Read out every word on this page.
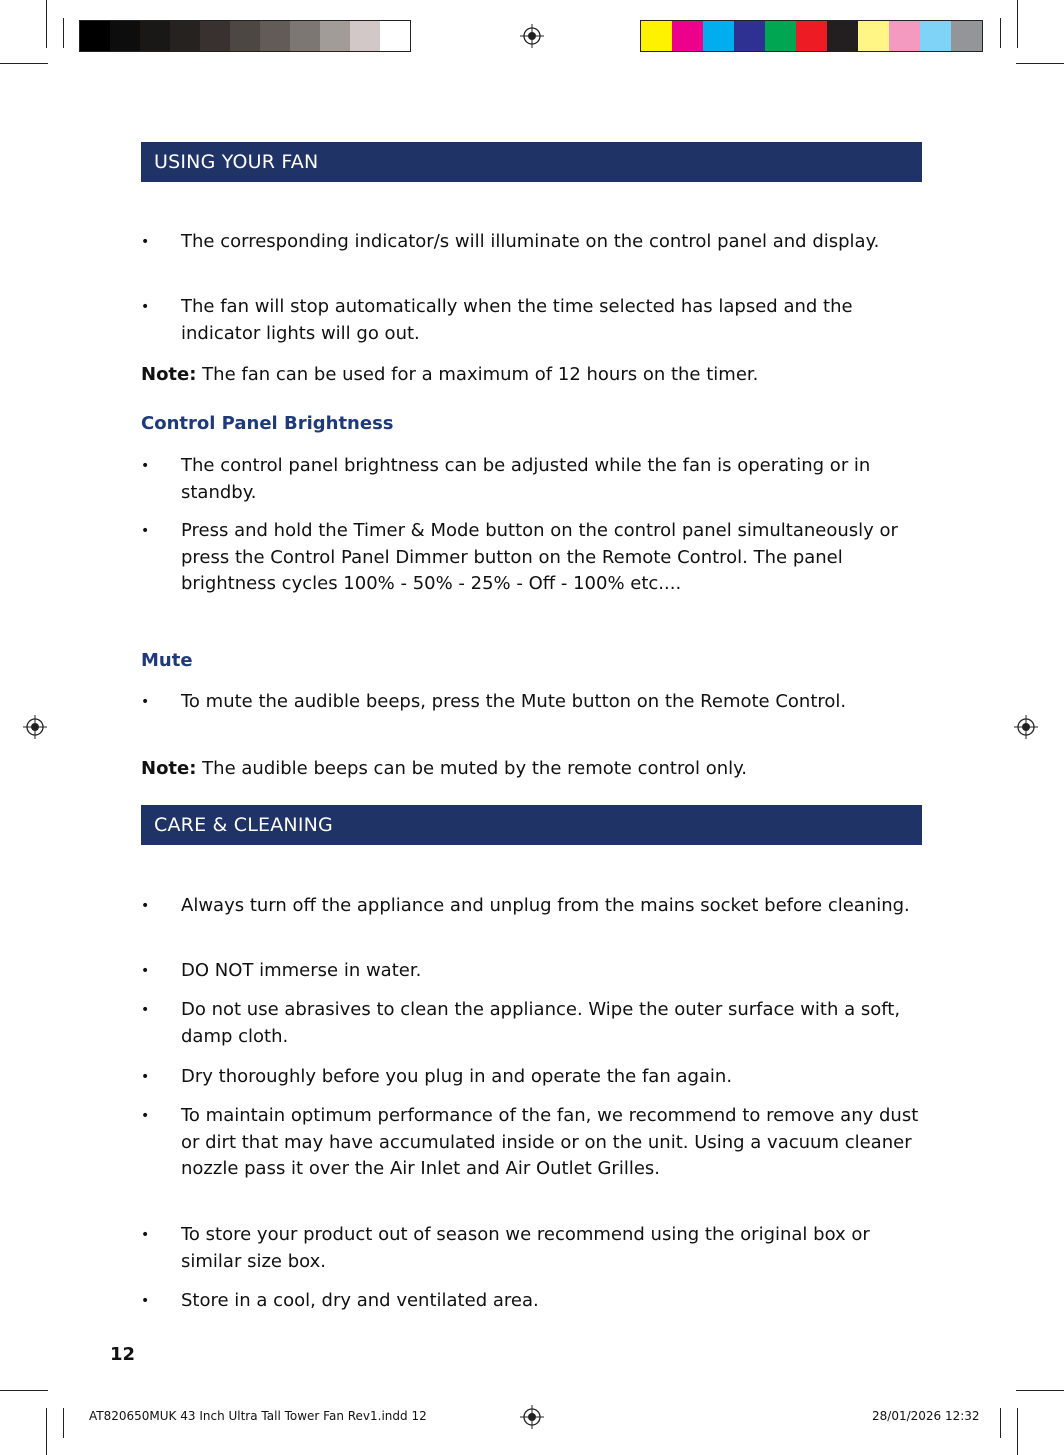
USING YOUR FAN
• The corresponding indicator/s will illuminate on the control panel and display.
• The fan will stop automatically when the time selected has lapsed and the indicator lights will go out.
Note: The fan can be used for a maximum of 12 hours on the timer.
Control Panel Brightness
• The control panel brightness can be adjusted while the fan is operating or in standby.
• Press and hold the Timer & Mode button on the control panel simultaneously or press the Control Panel Dimmer button on the Remote Control. The panel brightness cycles 100% - 50% - 25% - Off - 100% etc....
Mute
• To mute the audible beeps, press the Mute button on the Remote Control.
Note: The audible beeps can be muted by the remote control only.
CARE & CLEANING
• Always turn off the appliance and unplug from the mains socket before cleaning.
• DO NOT immerse in water.
• Do not use abrasives to clean the appliance. Wipe the outer surface with a soft, damp cloth.
• Dry thoroughly before you plug in and operate the fan again.
• To maintain optimum performance of the fan, we recommend to remove any dust or dirt that may have accumulated inside or on the unit. Using a vacuum cleaner nozzle pass it over the Air Inlet and Air Outlet Grilles.
• To store your product out of season we recommend using the original box or similar size box.
• Store in a cool, dry and ventilated area.
12
AT820650MUK 43 Inch Ultra Tall Tower Fan Rev1.indd 12	28/01/2026 12:32
